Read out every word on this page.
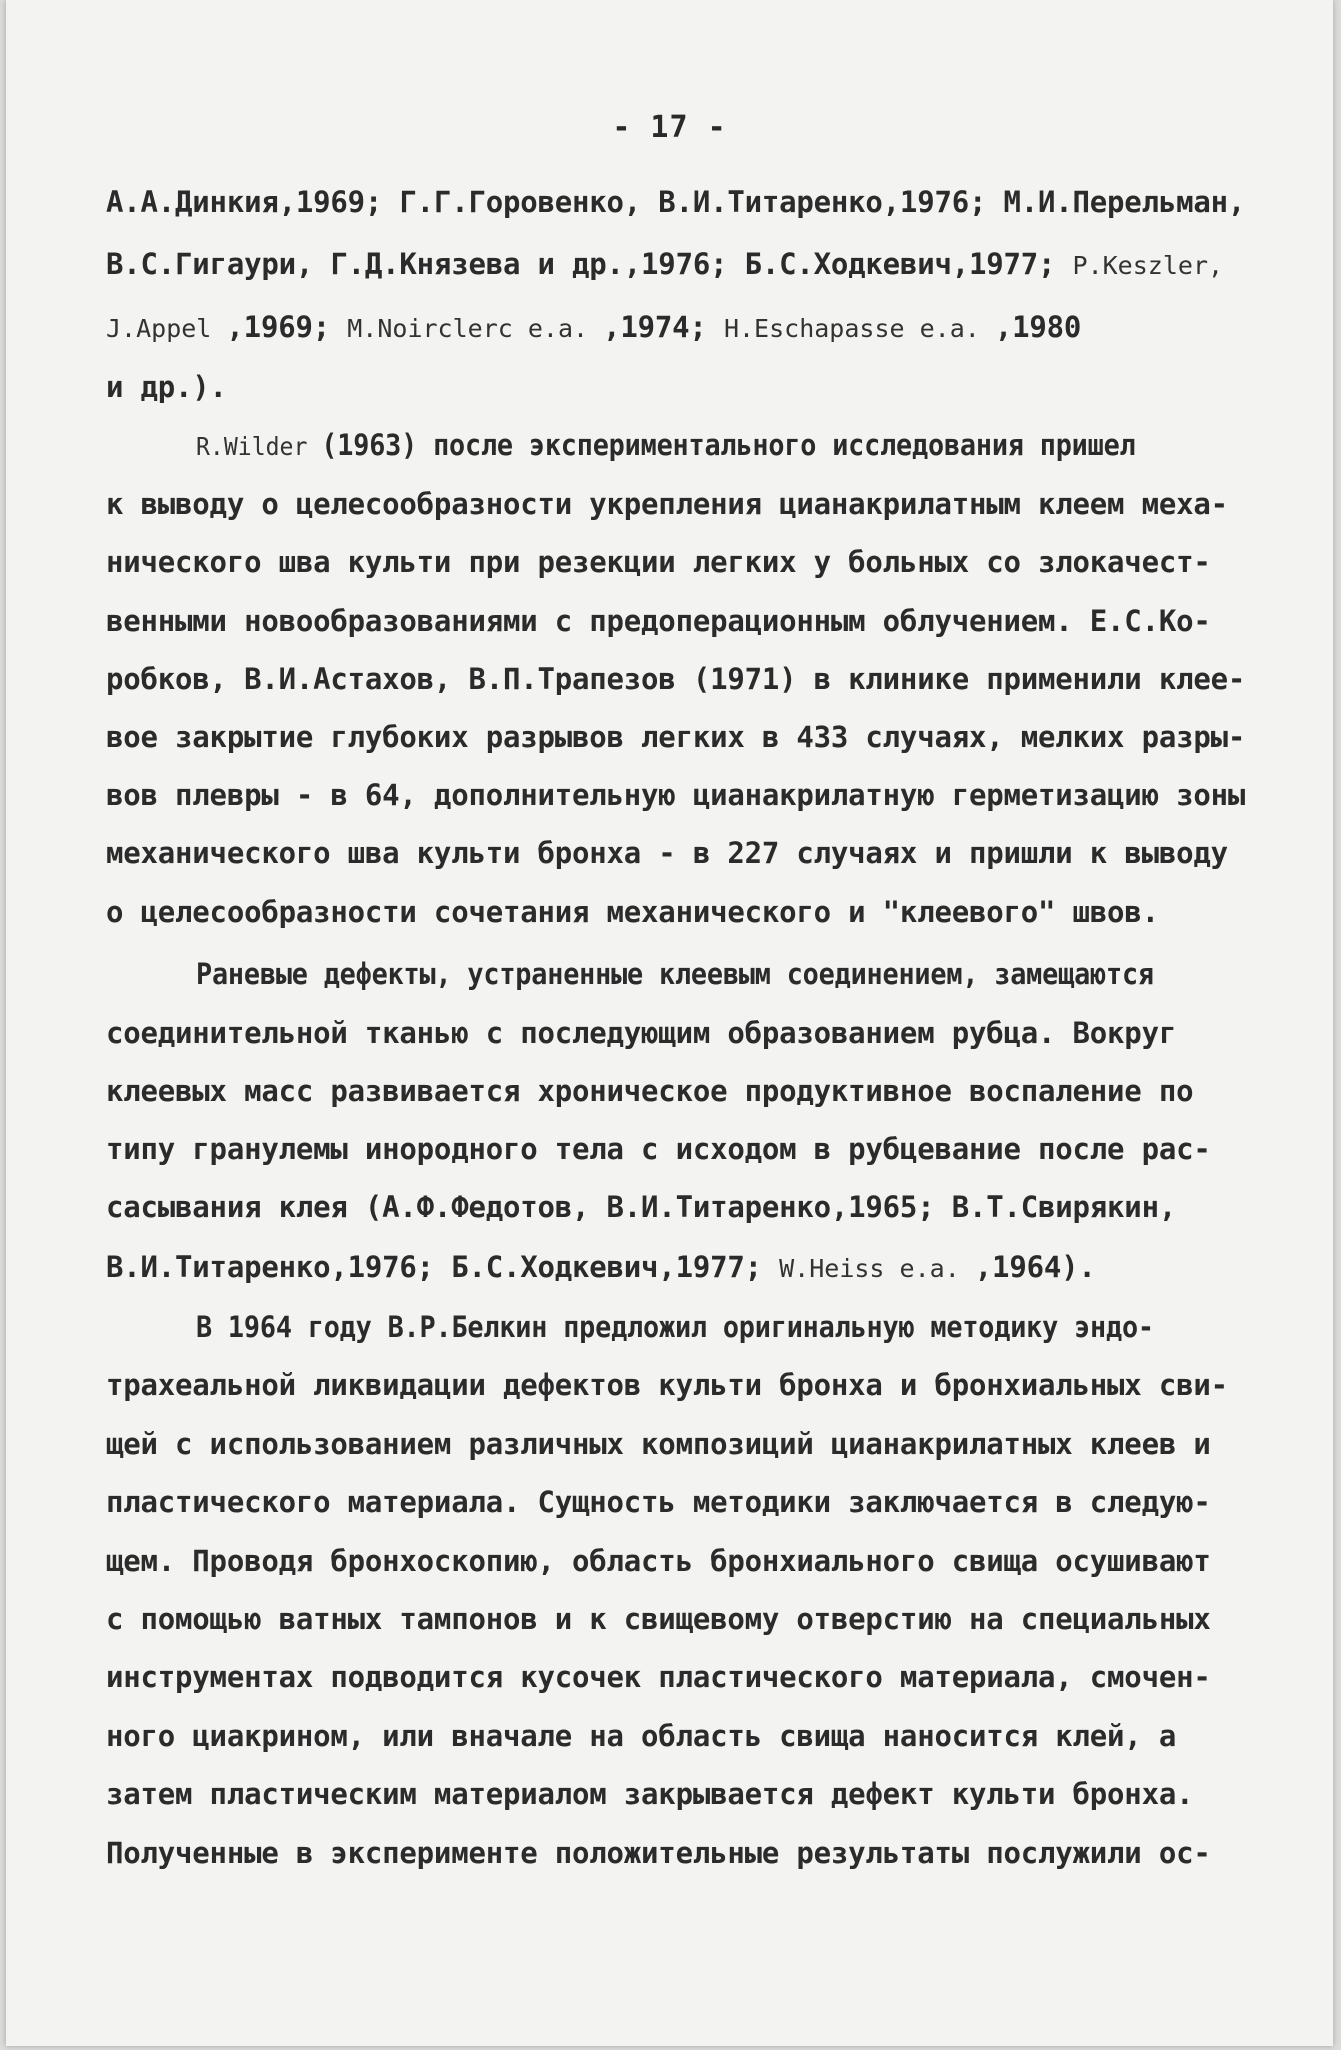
- 17 -
А.А.Динкия,1969; Г.Г.Горовенко, В.И.Титаренко,1976; М.И.Перельман,
В.С.Гигаури, Г.Д.Князева и др.,1976; Б.С.Ходкевич,1977; P.Keszler,
J.Appel ,1969; M.Noirclerc e.a. ,1974; H.Eschapasse e.a. ,1980
и др.).
R.Wilder (1963) после экспериментального исследования пришел
к выводу о целесообразности укрепления цианакрилатным клеем меха-
нического шва культи при резекции легких у больных со злокачест-
венными новообразованиями с предоперационным облучением. Е.С.Ко-
робков, В.И.Астахов, В.П.Трапезов (1971) в клинике применили клее-
вое закрытие глубоких разрывов легких в 433 случаях, мелких разры-
вов плевры - в 64, дополнительную цианакрилатную герметизацию зоны
механического шва культи бронха - в 227 случаях и пришли к выводу
о целесообразности сочетания механического и "клеевого" швов.
Раневые дефекты, устраненные клеевым соединением, замещаются
соединительной тканью с последующим образованием рубца. Вокруг
клеевых масс развивается хроническое продуктивное воспаление по
типу гранулемы инородного тела с исходом в рубцевание после рас-
сасывания клея (А.Ф.Федотов, В.И.Титаренко,1965; В.Т.Свирякин,
В.И.Титаренко,1976; Б.С.Ходкевич,1977; W.Heiss e.a. ,1964).
В 1964 году В.Р.Белкин предложил оригинальную методику эндо-
трахеальной ликвидации дефектов культи бронха и бронхиальных сви-
щей с использованием различных композиций цианакрилатных клеев и
пластического материала. Сущность методики заключается в следую-
щем. Проводя бронхоскопию, область бронхиального свища осушивают
с помощью ватных тампонов и к свищевому отверстию на специальных
инструментах подводится кусочек пластического материала, смочен-
ного циакрином, или вначале на область свища наносится клей, а
затем пластическим материалом закрывается дефект культи бронха.
Полученные в эксперименте положительные результаты послужили ос-
